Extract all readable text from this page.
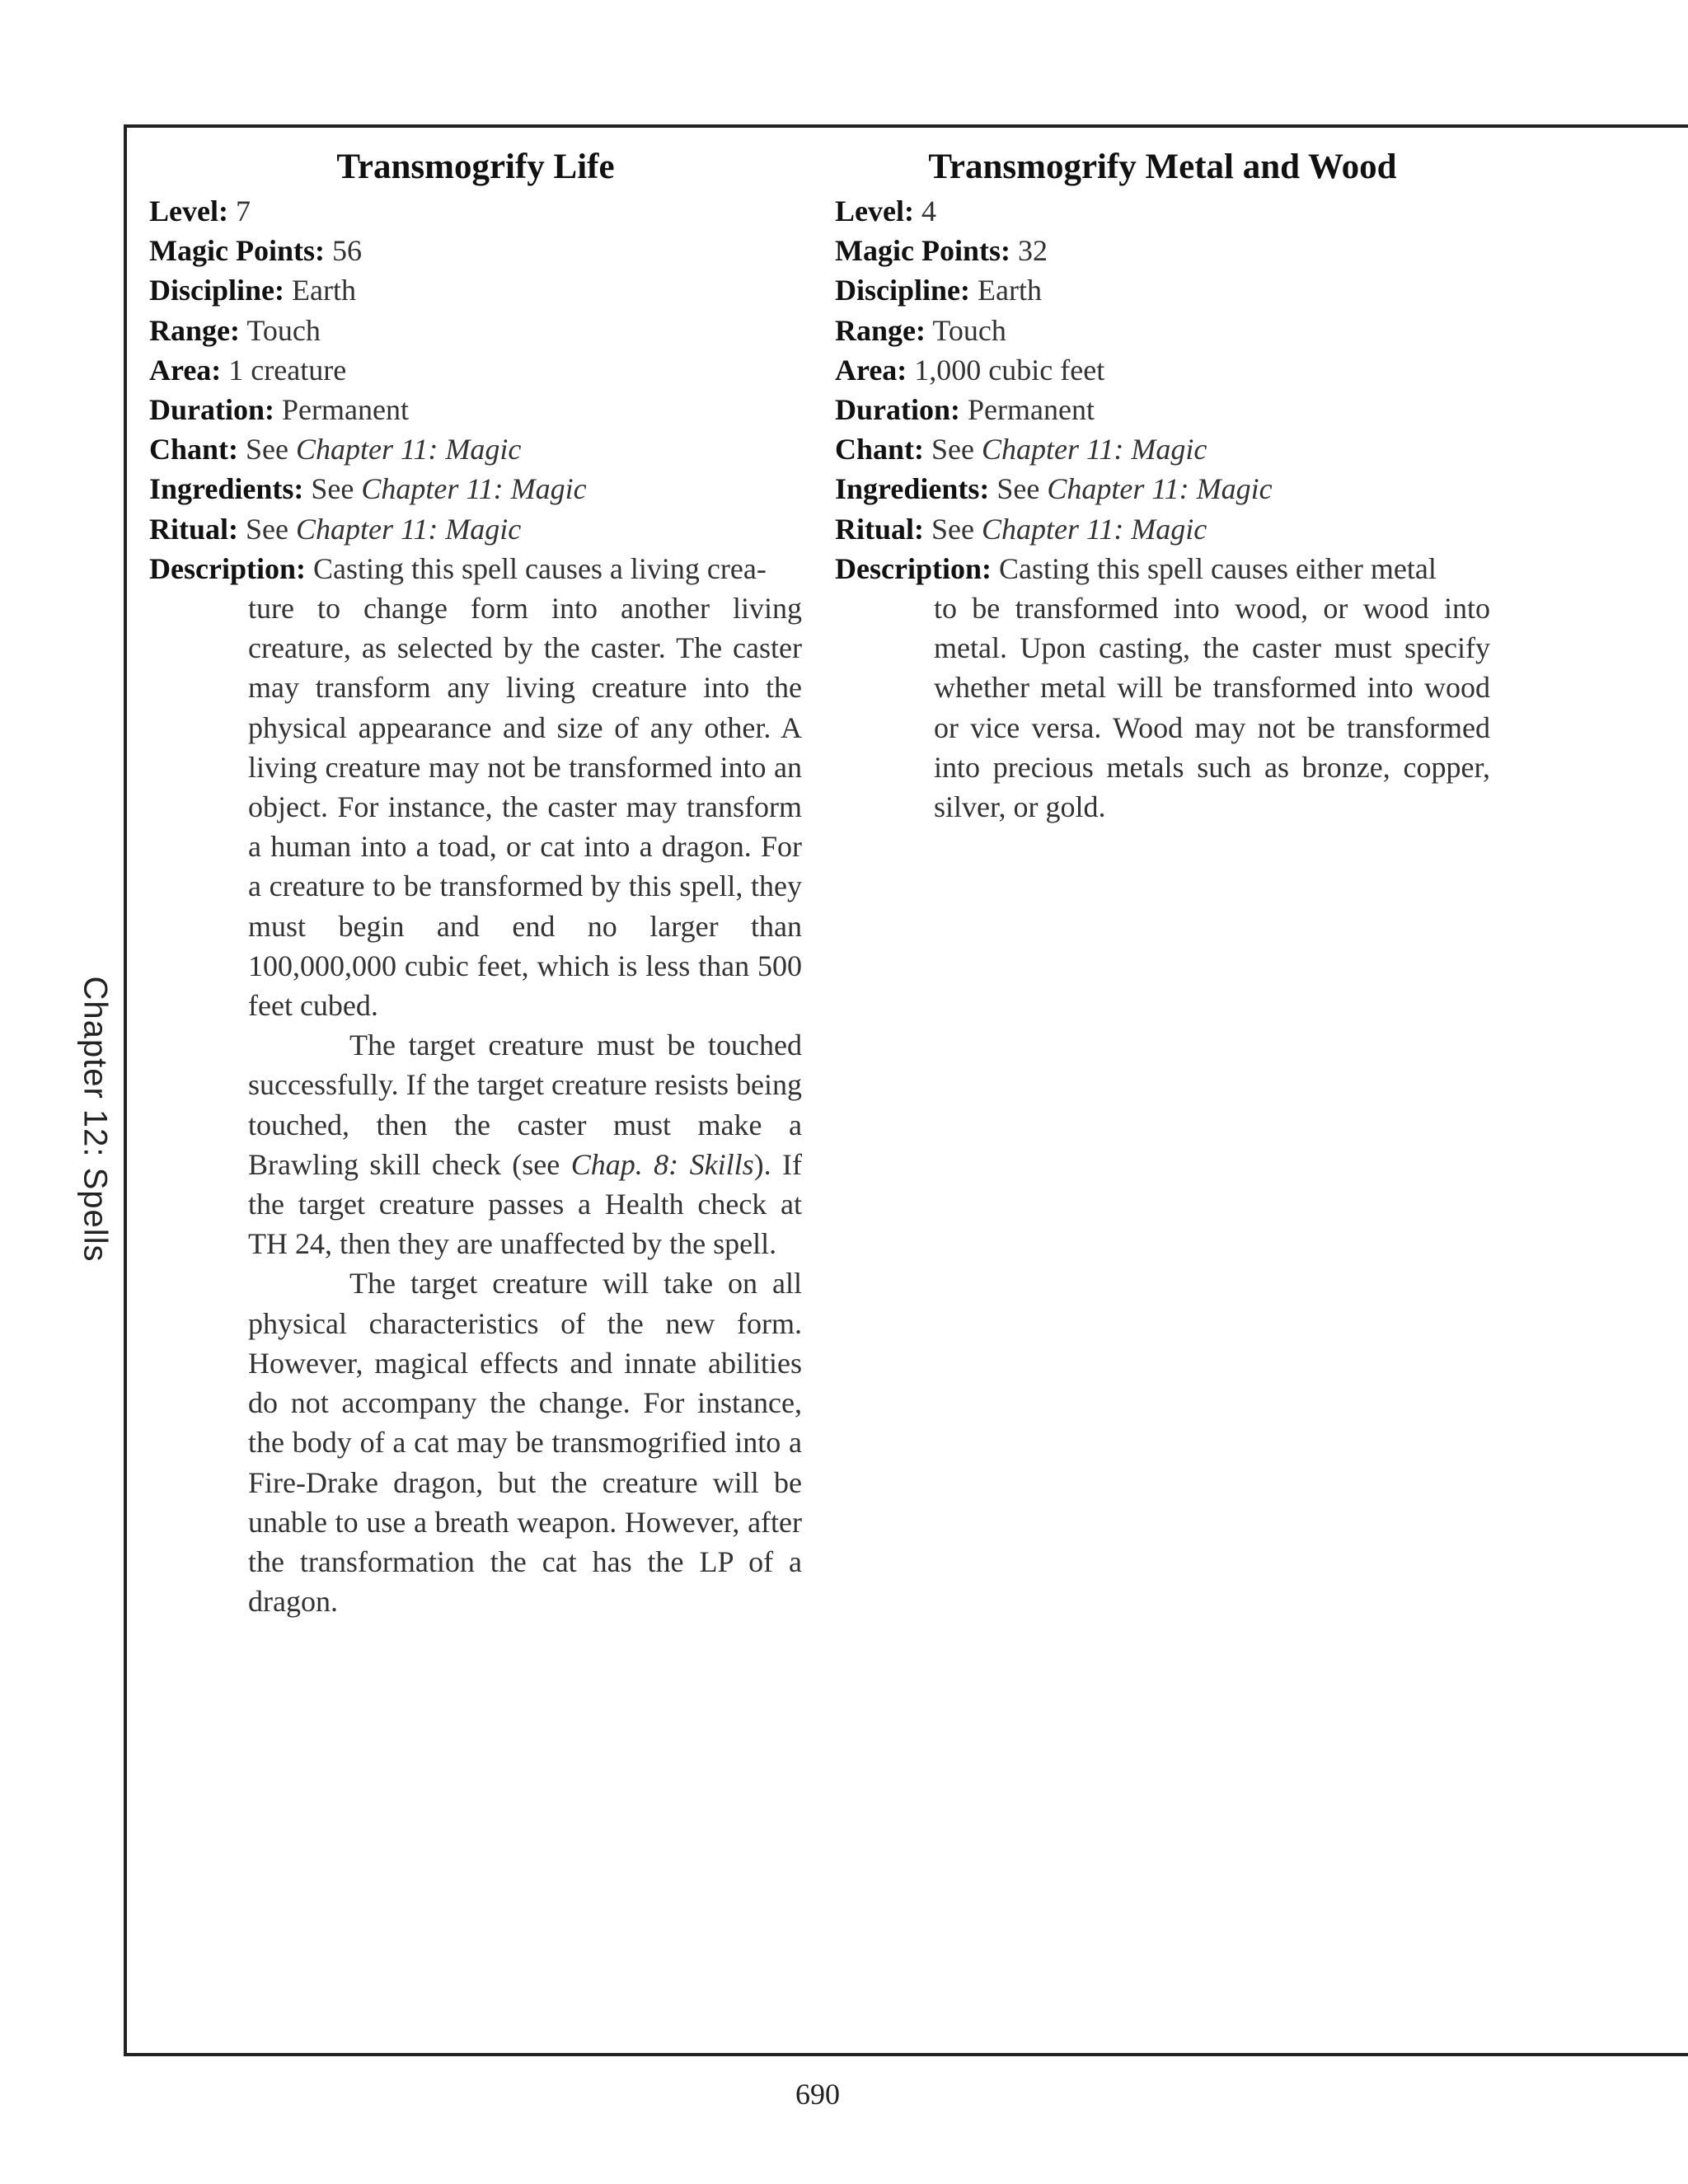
Chapter 12: Spells
Transmogrify Life
Level: 7
Magic Points: 56
Discipline: Earth
Range: Touch
Area: 1 creature
Duration: Permanent
Chant: See Chapter 11: Magic
Ingredients: See Chapter 11: Magic
Ritual: See Chapter 11: Magic
Description: Casting this spell causes a living crea-

ture to change form into another living creature, as selected by the caster. The caster may transform any living creature into the physical appearance and size of any other. A living creature may not be transformed into an object. For instance, the caster may transform a human into a toad, or cat into a dragon. For a creature to be transformed by this spell, they must begin and end no larger than 100,000,000 cubic feet, which is less than 500 feet cubed.

The target creature must be touched successfully. If the target creature resists being touched, then the caster must make a Brawling skill check (see Chap. 8: Skills). If the target creature passes a Health check at TH 24, then they are unaffected by the spell.

The target creature will take on all physical characteristics of the new form. However, magical effects and innate abilities do not accompany the change. For instance, the body of a cat may be transmogrified into a Fire-Drake dragon, but the creature will be unable to use a breath weapon. However, after the transformation the cat has the LP of a dragon.

Transmogrify Metal and Wood
Level: 4
Magic Points: 32
Discipline: Earth
Range: Touch
Area: 1,000 cubic feet
Duration: Permanent
Chant: See Chapter 11: Magic
Ingredients: See Chapter 11: Magic
Ritual: See Chapter 11: Magic
Description: Casting this spell causes either metal

to be transformed into wood, or wood into metal. Upon casting, the caster must specify whether metal will be transformed into wood or vice versa. Wood may not be transformed into precious metals such as bronze, copper, silver, or gold.

690
